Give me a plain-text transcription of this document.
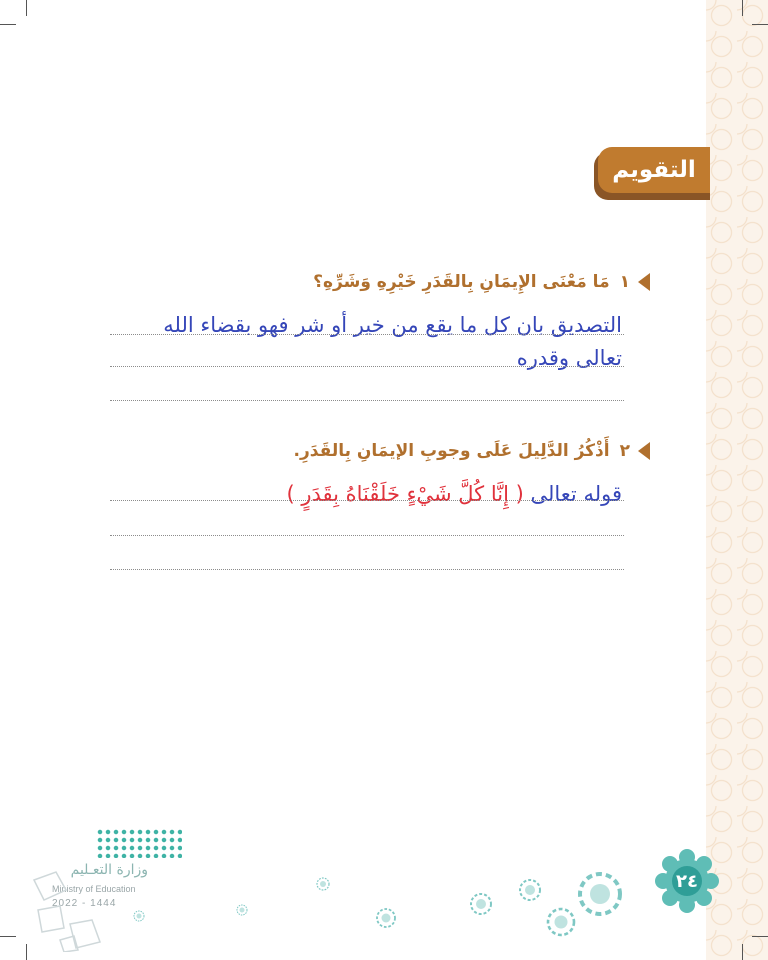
التقويم
١
مَا مَعْنَى الإِيمَانِ بِالقَدَرِ خَيْرِهِ وَشَرِّهِ؟
التصديق بان كل ما يقع من خير أو شر فهو بقضاء الله
تعالى وقدره
٢
أَذْكُرُ الدَّلِيلَ عَلَى وجوبِ الإيمَانِ بِالقَدَرِ.
قوله تعالى ( إِنَّا كُلَّ شَيْءٍ خَلَقْنَاهُ بِقَدَرٍ )
وزارة التعـليم
Ministry of Education
2022 - 1444
٢٤
